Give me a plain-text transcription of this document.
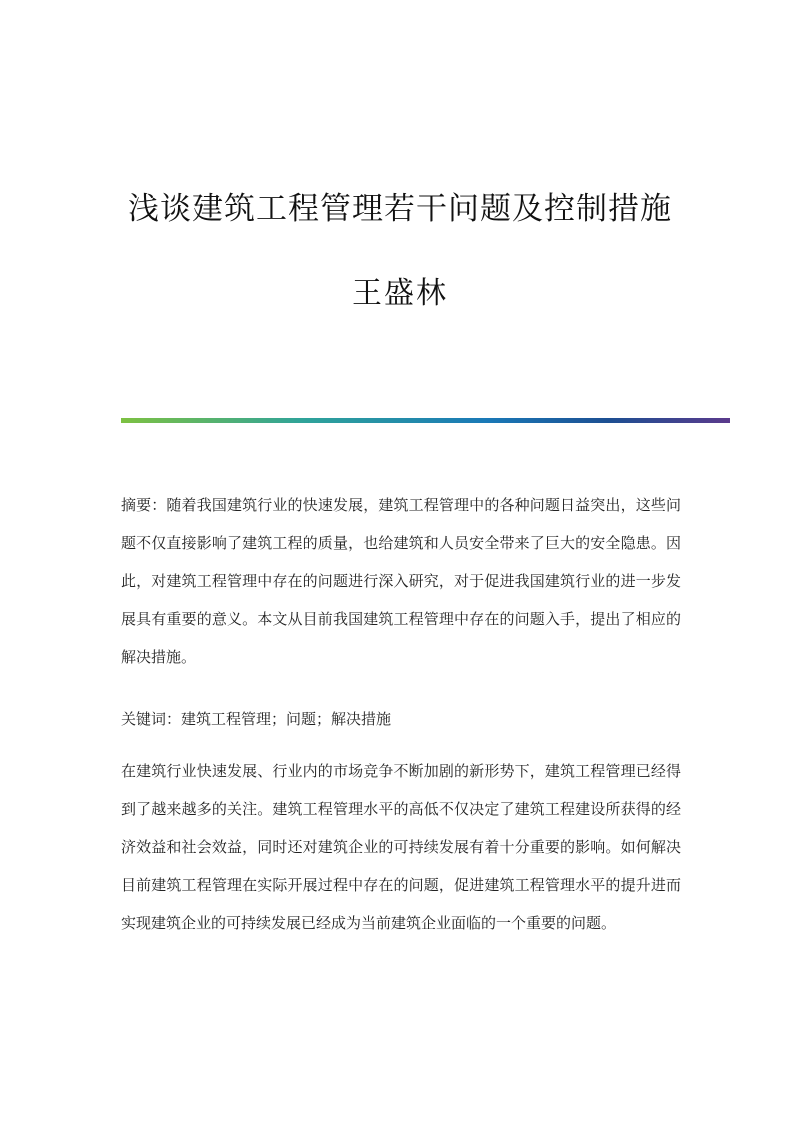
浅谈建筑工程管理若干问题及控制措施
王盛林
摘要：随着我国建筑行业的快速发展，建筑工程管理中的各种问题日益突出，这些问题不仅直接影响了建筑工程的质量，也给建筑和人员安全带来了巨大的安全隐患。因此，对建筑工程管理中存在的问题进行深入研究，对于促进我国建筑行业的进一步发展具有重要的意义。本文从目前我国建筑工程管理中存在的问题入手，提出了相应的解决措施。
关键词：建筑工程管理；问题；解决措施
在建筑行业快速发展、行业内的市场竞争不断加剧的新形势下，建筑工程管理已经得到了越来越多的关注。建筑工程管理水平的高低不仅决定了建筑工程建设所获得的经济效益和社会效益，同时还对建筑企业的可持续发展有着十分重要的影响。如何解决目前建筑工程管理在实际开展过程中存在的问题，促进建筑工程管理水平的提升进而实现建筑企业的可持续发展已经成为当前建筑企业面临的一个重要的问题。
